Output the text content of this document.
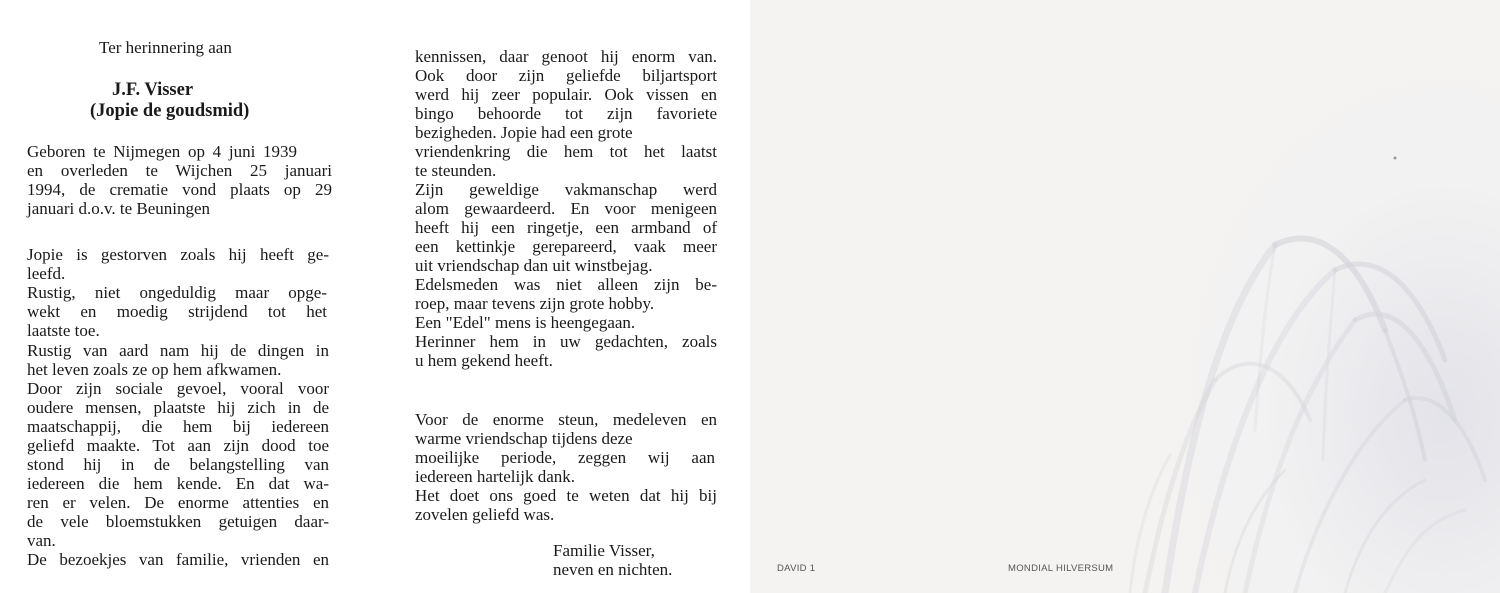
Ter herinnering aan
J.F. Visser
(Jopie de goudsmid)
Geboren te Nijmegen op 4 juni 1939
en overleden te Wijchen 25 januari
1994, de crematie vond plaats op 29
januari d.o.v. te Beuningen
Jopie is gestorven zoals hij heeft ge-
leefd.
Rustig, niet ongeduldig maar opge-
wekt en moedig strijdend tot het
laatste toe.
Rustig van aard nam hij de dingen in
het leven zoals ze op hem afkwamen.
Door zijn sociale gevoel, vooral voor
oudere mensen, plaatste hij zich in de
maatschappij, die hem bij iedereen
geliefd maakte. Tot aan zijn dood toe
stond hij in de belangstelling van
iedereen die hem kende. En dat wa-
ren er velen. De enorme attenties en
de vele bloemstukken getuigen daar-
van.
De bezoekjes van familie, vrienden en
kennissen, daar genoot hij enorm van.
Ook door zijn geliefde biljartsport
werd hij zeer populair. Ook vissen en
bingo behoorde tot zijn favoriete
bezigheden. Jopie had een grote
vriendenkring die hem tot het laatst
te steunden.
Zijn geweldige vakmanschap werd
alom gewaardeerd. En voor menigeen
heeft hij een ringetje, een armband of
een kettinkje gerepareerd, vaak meer
uit vriendschap dan uit winstbejag.
Edelsmeden was niet alleen zijn be-
roep, maar tevens zijn grote hobby.
Een "Edel" mens is heengegaan.
Herinner hem in uw gedachten, zoals
u hem gekend heeft.
Voor de enorme steun, medeleven en
warme vriendschap tijdens deze
moeilijke periode, zeggen wij aan
iedereen hartelijk dank.
Het doet ons goed te weten dat hij bij
zovelen geliefd was.
Familie Visser,
neven en nichten.	DAVID 1	MONDIAL HILVERSUM
